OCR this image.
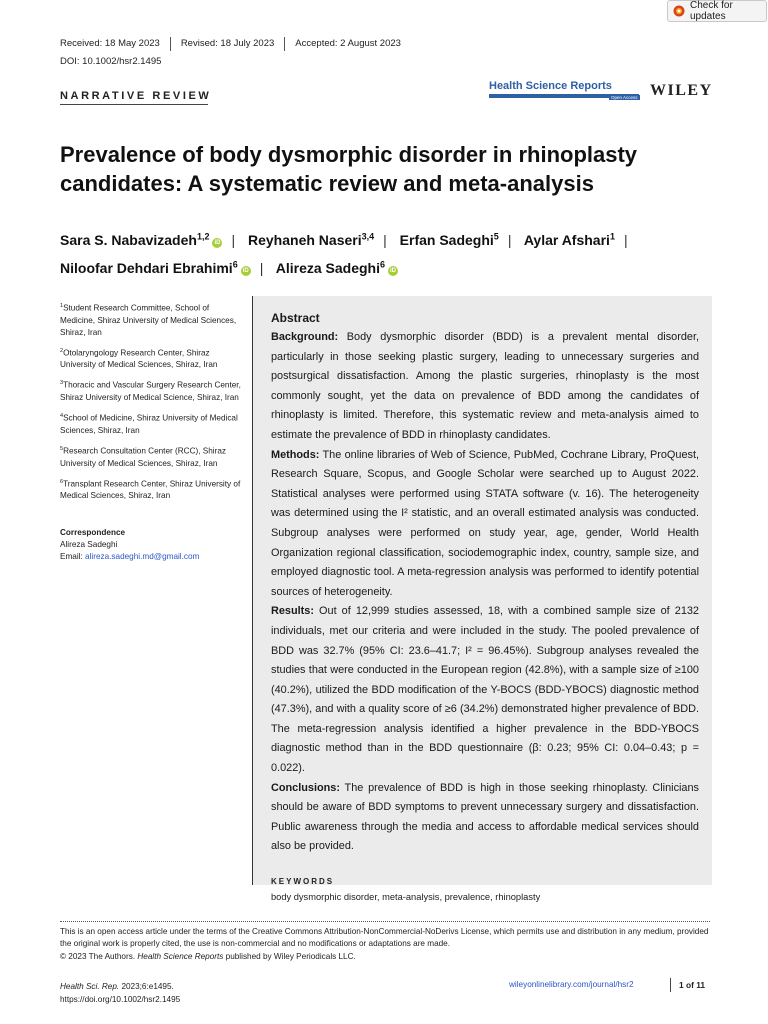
Check for updates
Received: 18 May 2023	Revised: 18 July 2023	Accepted: 2 August 2023
DOI: 10.1002/hsr2.1495
NARRATIVE REVIEW
Health Science Reports
Open Access WILEY
Prevalence of body dysmorphic disorder in rhinoplasty candidates: A systematic review and meta-analysis
Sara S. Nabavizadeh$^{1,2}$iD | Reyhaneh Naseri$^{3,4}$ | Erfan Sadeghi$^5$ | Aylar Afshari$^1$ |
Niloofar Dehdari Ebrahimi$^6$iD | Alireza Sadeghi$^6$iD
$^1$Student Research Committee, School of Medicine, Shiraz University of Medical Sciences, Shiraz, Iran
$^2$Otolaryngology Research Center, Shiraz University of Medical Sciences, Shiraz, Iran
$^3$Thoracic and Vascular Surgery Research Center, Shiraz University of Medical Science, Shiraz, Iran
$^4$School of Medicine, Shiraz University of Medical Sciences, Shiraz, Iran
$^5$Research Consultation Center (RCC), Shiraz University of Medical Sciences, Shiraz, Iran
$^6$Transplant Research Center, Shiraz University of Medical Sciences, Shiraz, Iran
Correspondence
Alireza Sadeghi
Email: alireza.sadeghi.md@gmail.com
Abstract

Background: Body dysmorphic disorder (BDD) is a prevalent mental disorder, particularly in those seeking plastic surgery, leading to unnecessary surgeries and postsurgical dissatisfaction. Among the plastic surgeries, rhinoplasty is the most commonly sought, yet the data on prevalence of BDD among the candidates of rhinoplasty is limited. Therefore, this systematic review and meta-analysis aimed to estimate the prevalence of BDD in rhinoplasty candidates.

Methods: The online libraries of Web of Science, PubMed, Cochrane Library, ProQuest, Research Square, Scopus, and Google Scholar were searched up to August 2022. Statistical analyses were performed using STATA software (v. 16). The heterogeneity was determined using the I² statistic, and an overall estimated analysis was conducted. Subgroup analyses were performed on study year, age, gender, World Health Organization regional classification, sociodemographic index, country, sample size, and employed diagnostic tool. A meta-regression analysis was performed to identify potential sources of heterogeneity.

Results: Out of 12,999 studies assessed, 18, with a combined sample size of 2132 individuals, met our criteria and were included in the study. The pooled prevalence of BDD was 32.7% (95% CI: 23.6–41.7; I² = 96.45%). Subgroup analyses revealed the studies that were conducted in the European region (42.8%), with a sample size of ≥100 (40.2%), utilized the BDD modification of the Y-BOCS (BDD-YBOCS) diagnostic method (47.3%), and with a quality score of ≥6 (34.2%) demonstrated higher prevalence of BDD. The meta-regression analysis identified a higher prevalence in the BDD-YBOCS diagnostic method than in the BDD questionnaire (β: 0.23; 95% CI: 0.04–0.43; p = 0.022).

Conclusions: The prevalence of BDD is high in those seeking rhinoplasty. Clinicians should be aware of BDD symptoms to prevent unnecessary surgery and dissatisfaction. Public awareness through the media and access to affordable medical services should also be provided.

KEYWORDS
body dysmorphic disorder, meta-analysis, prevalence, rhinoplasty
This is an open access article under the terms of the Creative Commons Attribution-NonCommercial-NoDerivs License, which permits use and distribution in any medium, provided the original work is properly cited, the use is non-commercial and no modifications or adaptations are made.
© 2023 The Authors. Health Science Reports published by Wiley Periodicals LLC.
Health Sci. Rep. 2023;6:e1495.
https://doi.org/10.1002/hsr2.1495
wileyonlinelibrary.com/journal/hsr2	1 of 11
